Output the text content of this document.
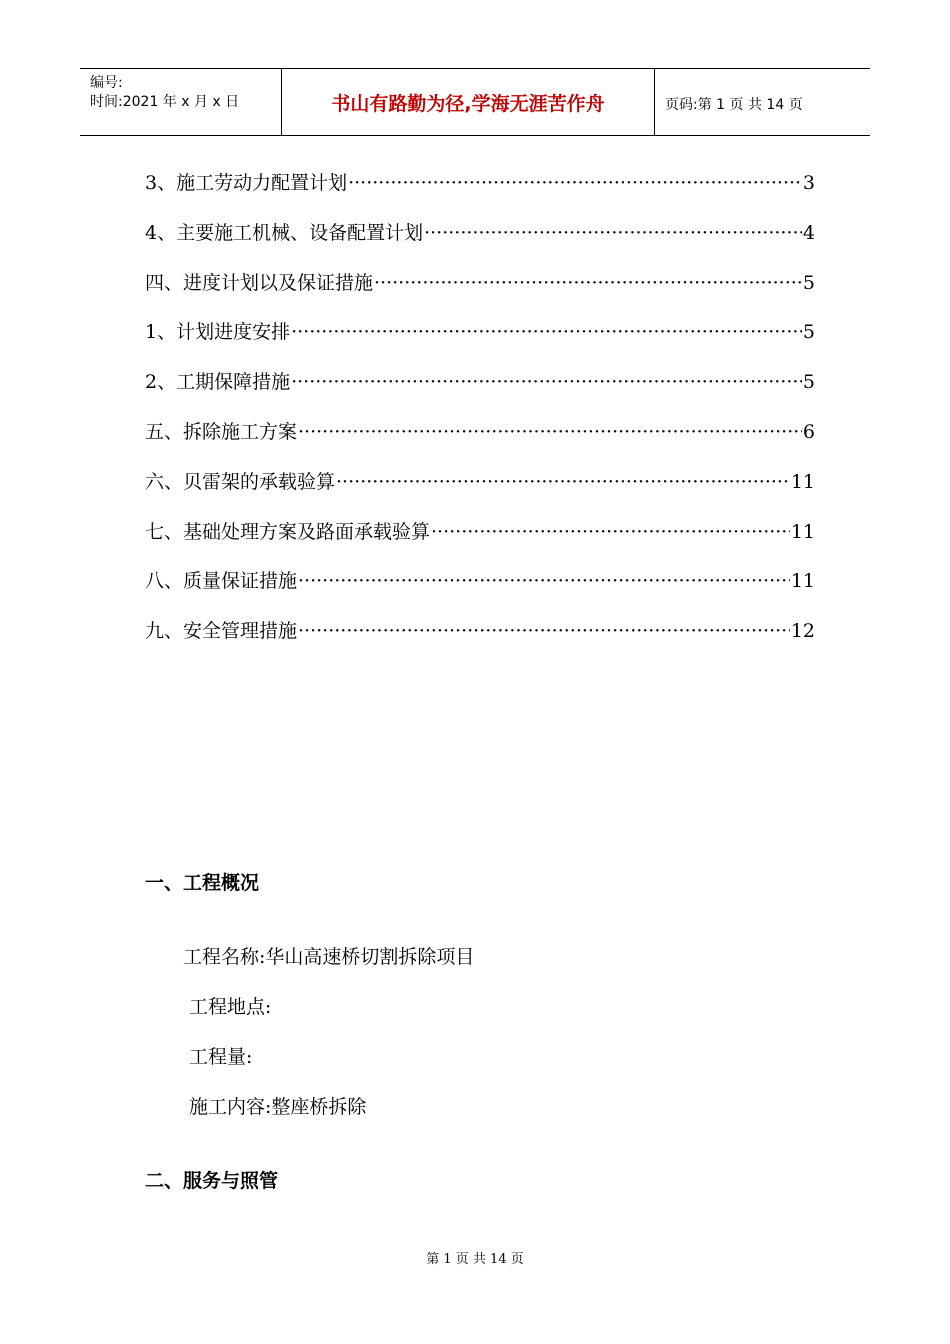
编号:
时间:2021 年 x 月 x 日	书山有路勤为径,学海无涯苦作舟	页码:第 1 页 共 14 页
3、施工劳动力配置计划 ·····	3
4、主要施工机械、设备配置计划 ·····	4
四、进度计划以及保证措施 ·····	5
1、计划进度安排 ·····	5
2、工期保障措施 ·····	5
五、拆除施工方案 ·····	6
六、贝雷架的承载验算 ·····	11
七、基础处理方案及路面承载验算 ·····	11
八、质量保证措施 ·····	11
九、安全管理措施 ·····	12
一、工程概况
工程名称:华山高速桥切割拆除项目
工程地点:
工程量:
施工内容:整座桥拆除
二、服务与照管
第 1 页 共 14 页
